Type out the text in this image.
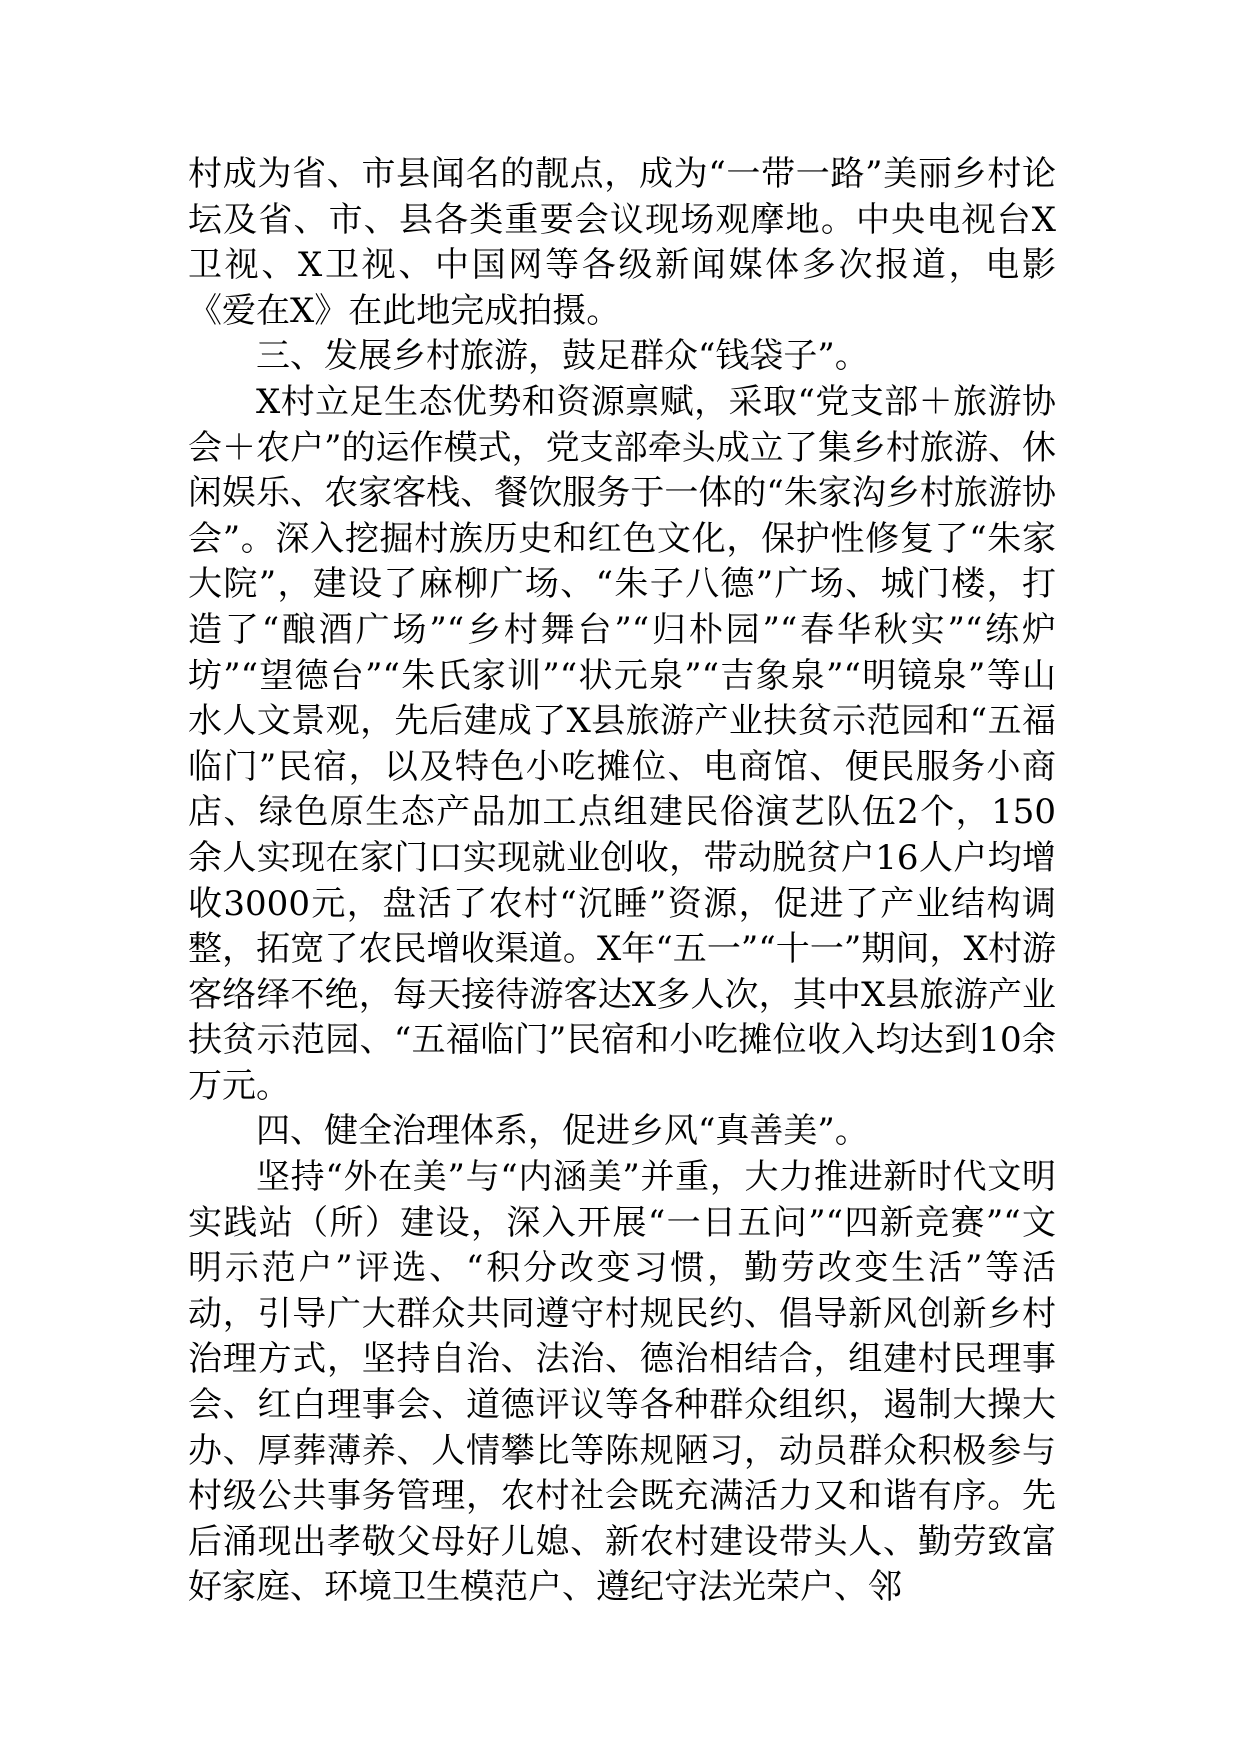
村成为省、市县闻名的靓点，成为“一带一路”美丽乡村论坛及省、市、县各类重要会议现场观摩地。中央电视台X卫视、X卫视、中国网等各级新闻媒体多次报道，电影《爱在X》在此地完成拍摄。

三、发展乡村旅游，鼓足群众“钱袋子”。

X村立足生态优势和资源禀赋，采取“党支部＋旅游协会＋农户”的运作模式，党支部牵头成立了集乡村旅游、休闲娱乐、农家客栈、餐饮服务于一体的“朱家沟乡村旅游协会”。深入挖掘村族历史和红色文化，保护性修复了“朱家大院”，建设了麻柳广场、“朱子八德”广场、城门楼，打造了“酿酒广场”“乡村舞台”“归朴园”“春华秋实”“练炉坊”“望德台”“朱氏家训”“状元泉”“吉象泉”“明镜泉”等山水人文景观，先后建成了X县旅游产业扶贫示范园和“五福临门”民宿，以及特色小吃摊位、电商馆、便民服务小商店、绿色原生态产品加工点组建民俗演艺队伍2个，150余人实现在家门口实现就业创收，带动脱贫户16人户均增收3000元，盘活了农村“沉睡”资源，促进了产业结构调整，拓宽了农民增收渠道。X年“五一”“十一”期间，X村游客络绎不绝，每天接待游客达X多人次，其中X县旅游产业扶贫示范园、“五福临门”民宿和小吃摊位收入均达到10余万元。

四、健全治理体系，促进乡风“真善美”。

坚持“外在美”与“内涵美”并重，大力推进新时代文明实践站（所）建设，深入开展“一日五问”“四新竞赛”“文明示范户”评选、“积分改变习惯，勤劳改变生活”等活动，引导广大群众共同遵守村规民约、倡导新风创新乡村治理方式，坚持自治、法治、德治相结合，组建村民理事会、红白理事会、道德评议等各种群众组织，遏制大操大办、厚葬薄养、人情攀比等陈规陋习，动员群众积极参与村级公共事务管理，农村社会既充满活力又和谐有序。先后涌现出孝敬父母好儿媳、新农村建设带头人、勤劳致富好家庭、环境卫生模范户、遵纪守法光荣户、邻
